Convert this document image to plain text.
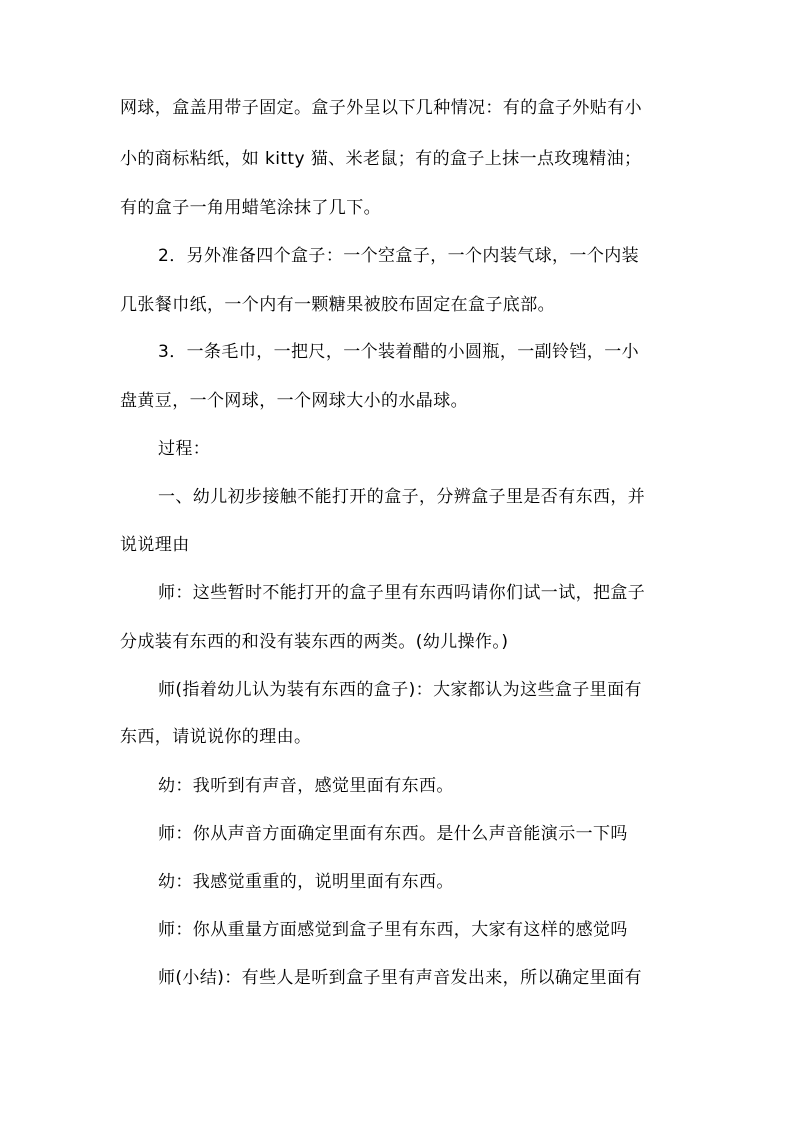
网球，盒盖用带子固定。盒子外呈以下几种情况：有的盒子外贴有小
小的商标粘纸，如 kitty 猫、米老鼠；有的盒子上抹一点玫瑰精油；
有的盒子一角用蜡笔涂抹了几下。
2．另外准备四个盒子：一个空盒子，一个内装气球，一个内装
几张餐巾纸，一个内有一颗糖果被胶布固定在盒子底部。
3．一条毛巾，一把尺，一个装着醋的小圆瓶，一副铃铛，一小
盘黄豆，一个网球，一个网球大小的水晶球。
过程：
一、幼儿初步接触不能打开的盒子，分辨盒子里是否有东西，并
说说理由
师：这些暂时不能打开的盒子里有东西吗请你们试一试，把盒子
分成装有东西的和没有装东西的两类。(幼儿操作。)
师(指着幼儿认为装有东西的盒子)：大家都认为这些盒子里面有
东西，请说说你的理由。
幼：我听到有声音，感觉里面有东西。
师：你从声音方面确定里面有东西。是什么声音能演示一下吗
幼：我感觉重重的，说明里面有东西。
师：你从重量方面感觉到盒子里有东西，大家有这样的感觉吗
师(小结)：有些人是听到盒子里有声音发出来，所以确定里面有
